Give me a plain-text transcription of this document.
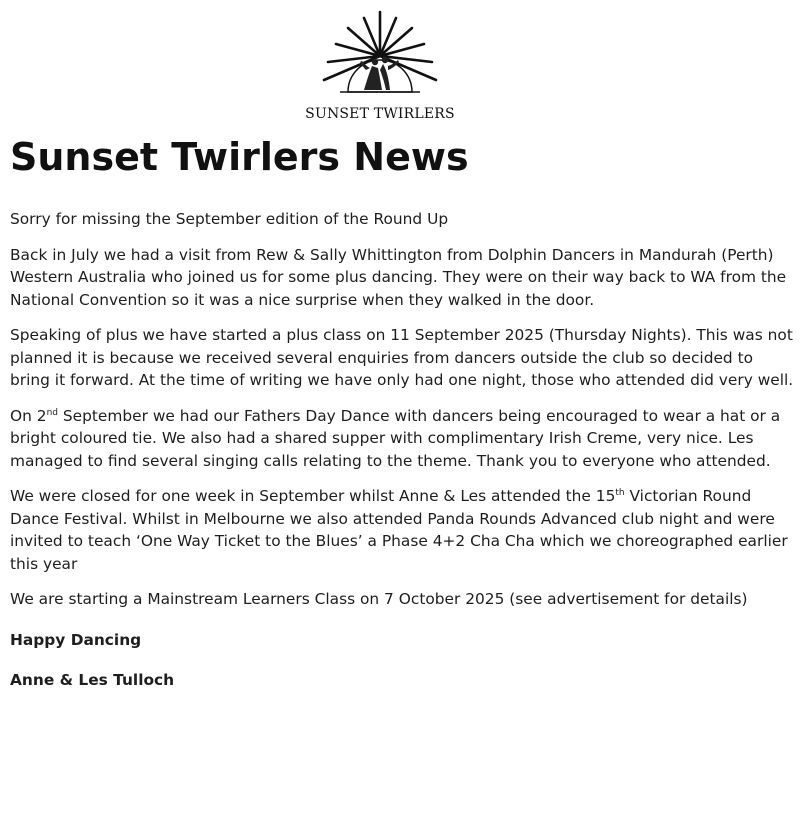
SUNSET TWIRLERS
Sunset Twirlers News

Sorry for missing the September edition of the Round Up

Back in July we had a visit from Rew & Sally Whittington from Dolphin Dancers in Mandurah (Perth) Western Australia who joined us for some plus dancing. They were on their way back to WA from the National Convention so it was a nice surprise when they walked in the door.

Speaking of plus we have started a plus class on 11 September 2025 (Thursday Nights). This was not planned it is because we received several enquiries from dancers outside the club so decided to bring it forward. At the time of writing we have only had one night, those who attended did very well.

On 2nd September we had our Fathers Day Dance with dancers being encouraged to wear a hat or a bright coloured tie. We also had a shared supper with complimentary Irish Creme, very nice. Les managed to find several singing calls relating to the theme. Thank you to everyone who attended.

We were closed for one week in September whilst Anne & Les attended the 15th Victorian Round Dance Festival. Whilst in Melbourne we also attended Panda Rounds Advanced club night and were invited to teach ‘One Way Ticket to the Blues’ a Phase 4+2 Cha Cha which we choreographed earlier this year

We are starting a Mainstream Learners Class on 7 October 2025 (see advertisement for details)

Happy Dancing

Anne & Les Tulloch
